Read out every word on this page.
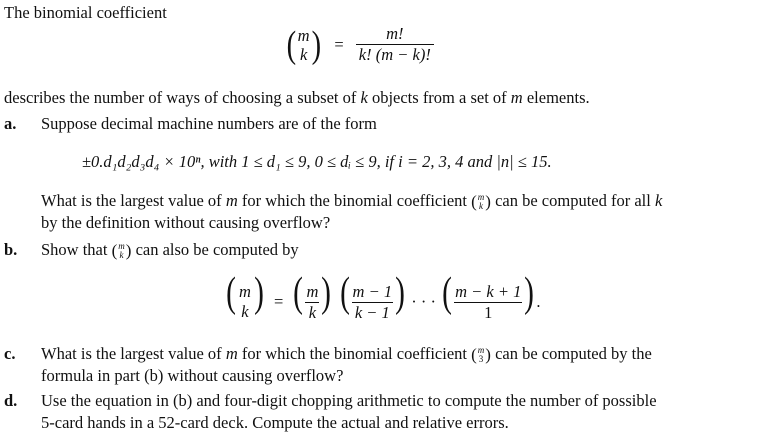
The binomial coefficient
( m
k ) = $\frac{m!}{k! (m - k)!}$
describes the number of ways of choosing a subset of k objects from a set of m elements.
a. Suppose decimal machine numbers are of the form
±0.d₁d₂d₃d₄ × 10ⁿ, with 1 ≤ d₁ ≤ 9, 0 ≤ dᵢ ≤ 9, if i = 2, 3, 4 and |n| ≤ 15.
What is the largest value of m for which the binomial coefficient ( m
k ) can be computed for all k
by the definition without causing overflow?
b. Show that ( m
k ) can also be computed by
( m
k ) = ( $\frac{m}{k}$ ) ( $\frac{m - 1}{k - 1}$ ) · · · ( $\frac{m - k + 1}{1}$ ) .
c. What is the largest value of m for which the binomial coefficient ( m
3 ) can be computed by the
formula in part (b) without causing overflow?
d. Use the equation in (b) and four-digit chopping arithmetic to compute the number of possible
5-card hands in a 52-card deck. Compute the actual and relative errors.
